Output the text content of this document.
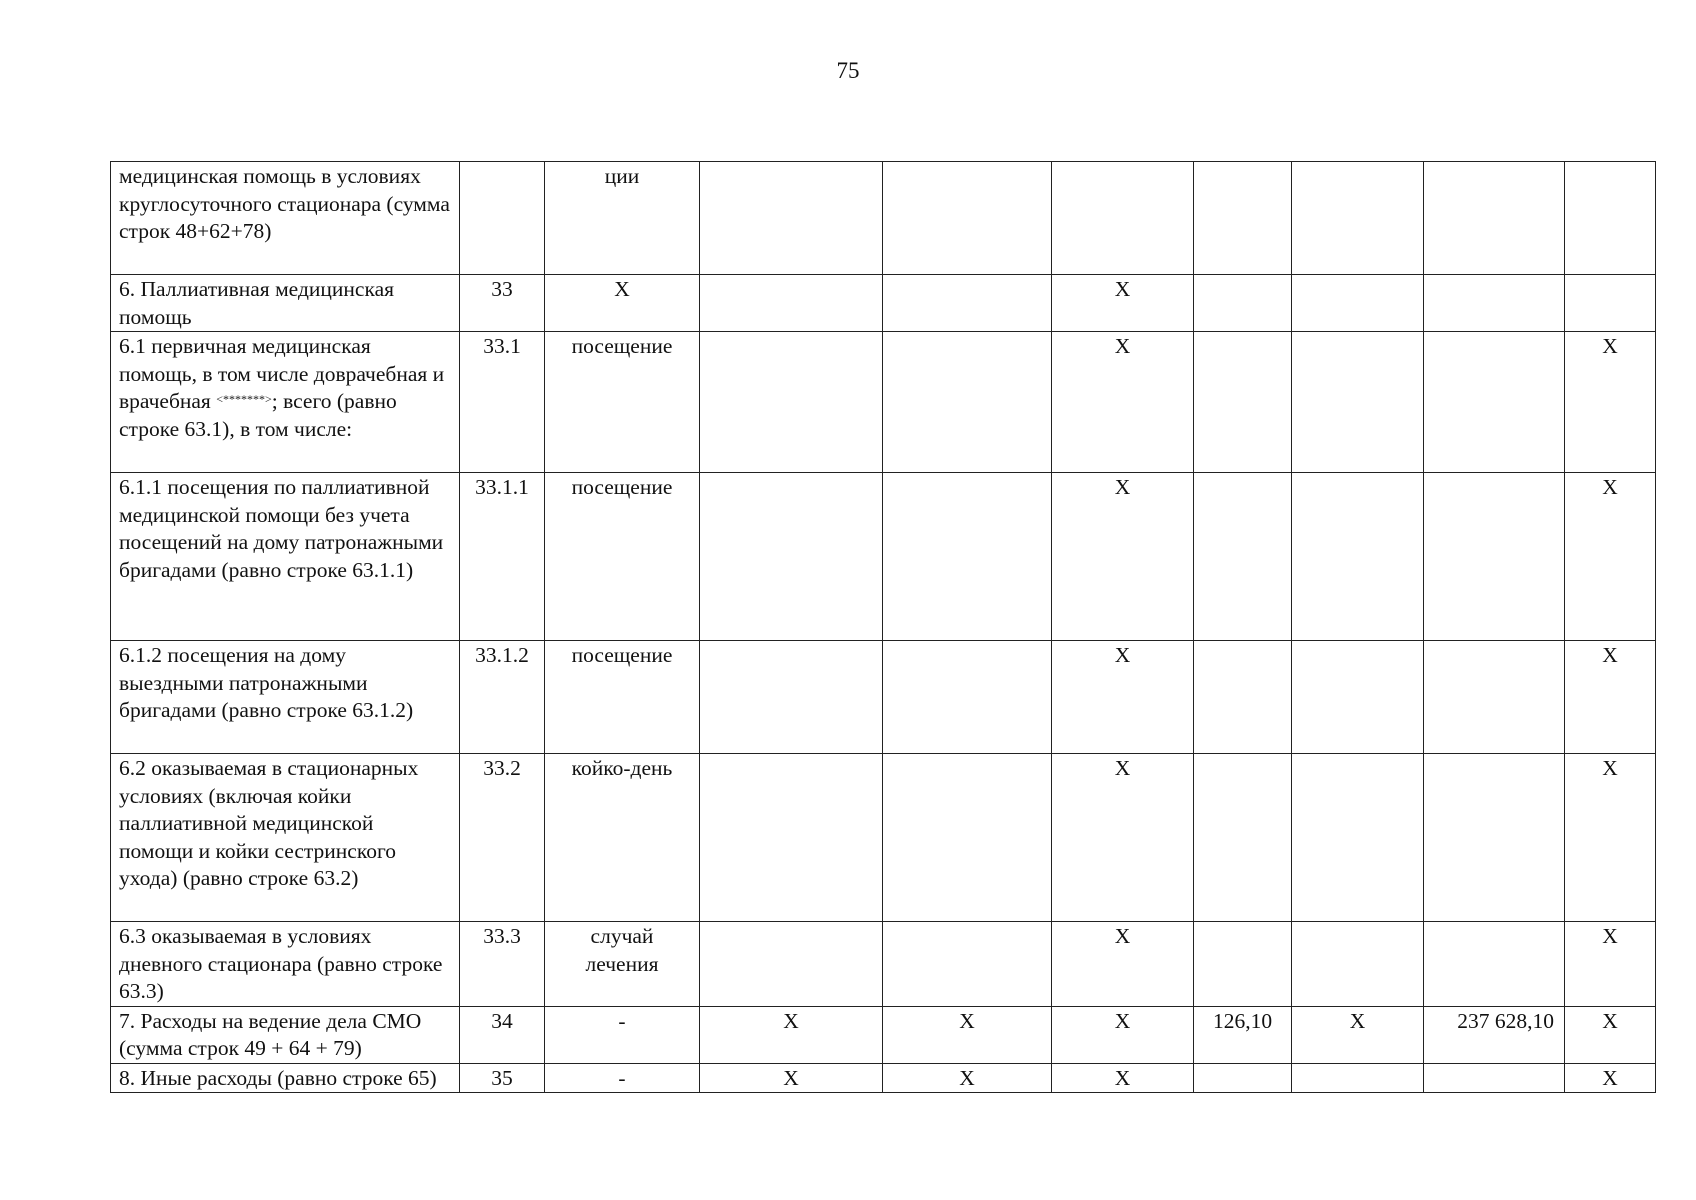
75
медицинская помощь в условиях круглосуточного стационара (сумма строк 48+62+78)		ции							
6. Паллиативная медицинская помощь	33	Х			Х				
6.1 первичная медицинская помощь, в том числе доврачебная и врачебная <*******>; всего (равно строке 63.1), в том числе:	33.1	посещение			Х				Х
6.1.1 посещения по паллиативной медицинской помощи без учета посещений на дому патронажными бригадами (равно строке 63.1.1)	33.1.1	посещение			Х				Х
6.1.2 посещения на дому выездными патронажными бригадами (равно строке 63.1.2)	33.1.2	посещение			Х				Х
6.2 оказываемая в стационарных условиях (включая койки паллиативной медицинской помощи и койки сестринского ухода) (равно строке 63.2)	33.2	койко-день			Х				Х
6.3 оказываемая в условиях дневного стационара (равно строке 63.3)	33.3	случай лечения			Х				Х
7. Расходы на ведение дела СМО (сумма строк 49 + 64 + 79)	34	-	Х	Х	Х	126,10	Х	237 628,10	Х
8. Иные расходы (равно строке 65)	35	-	Х	Х	Х				Х
